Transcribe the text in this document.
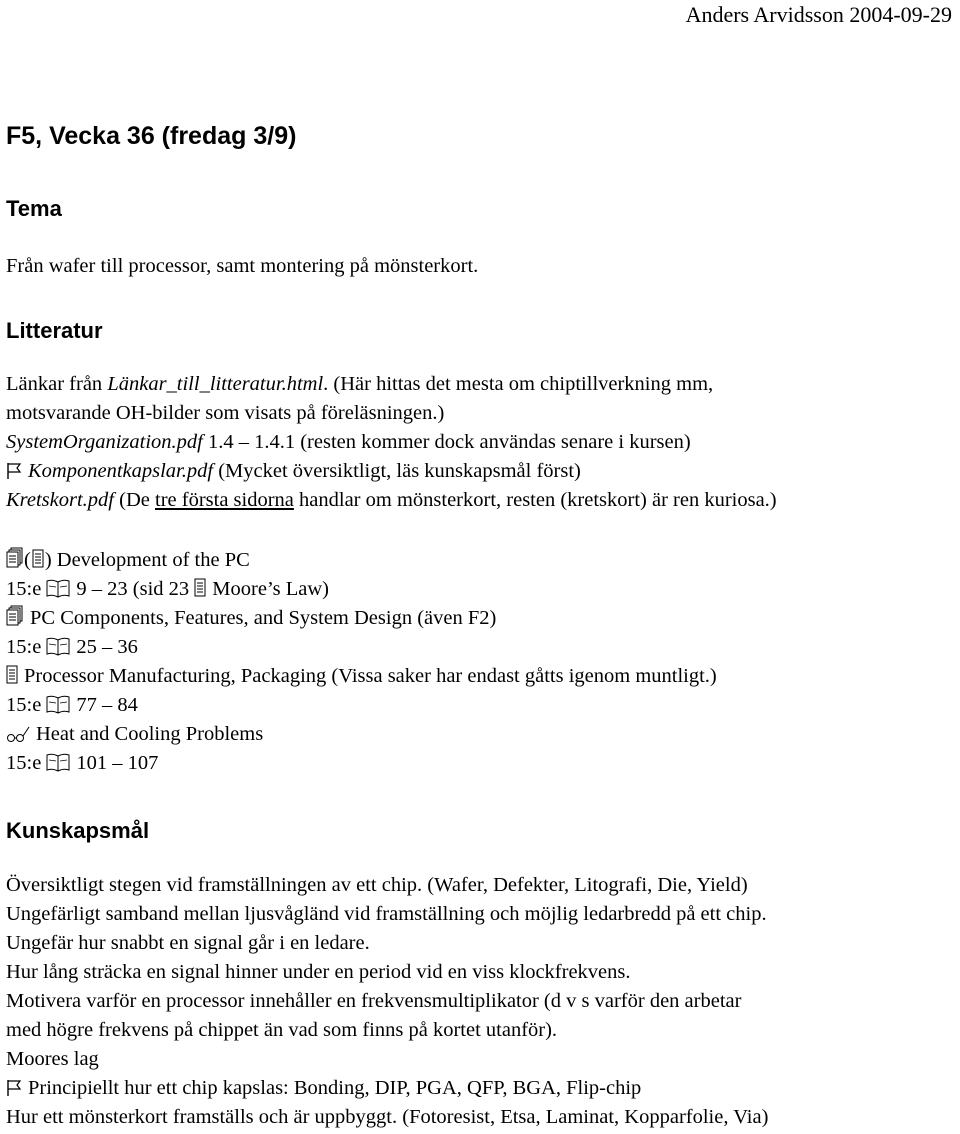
Anders Arvidsson 2004-09-29
F5, Vecka 36 (fredag 3/9)
Tema
Från wafer till processor, samt montering på mönsterkort.
Litteratur
Länkar från Länkar_till_litteratur.html. (Här hittas det mesta om chiptillverkning mm,
motsvarande OH-bilder som visats på föreläsningen.)
SystemOrganization.pdf 1.4 – 1.4.1 (resten kommer dock användas senare i kursen)
Komponentkapslar.pdf (Mycket översiktligt, läs kunskapsmål först)
Kretskort.pdf (De tre första sidorna handlar om mönsterkort, resten (kretskort) är ren kuriosa.)
( ) Development of the PC
15:e
9 – 23 (sid 23
Moore’s Law)
PC Components, Features, and System Design (även F2)
15:e
25 – 36
Processor Manufacturing, Packaging (Vissa saker har endast gåtts igenom muntligt.)
15:e
77 – 84
Heat and Cooling Problems
15:e
101 – 107
Kunskapsmål
Översiktligt stegen vid framställningen av ett chip. (Wafer, Defekter, Litografi, Die, Yield)
Ungefärligt samband mellan ljusvågländ vid framställning och möjlig ledarbredd på ett chip.
Ungefär hur snabbt en signal går i en ledare.
Hur lång sträcka en signal hinner under en period vid en viss klockfrekvens.
Motivera varför en processor innehåller en frekvensmultiplikator (d v s varför den arbetar
med högre frekvens på chippet än vad som finns på kortet utanför).
Moores lag
Principiellt hur ett chip kapslas: Bonding, DIP, PGA, QFP, BGA, Flip-chip
Hur ett mönsterkort framställs och är uppbyggt. (Fotoresist, Etsa, Laminat, Kopparfolie, Via)
